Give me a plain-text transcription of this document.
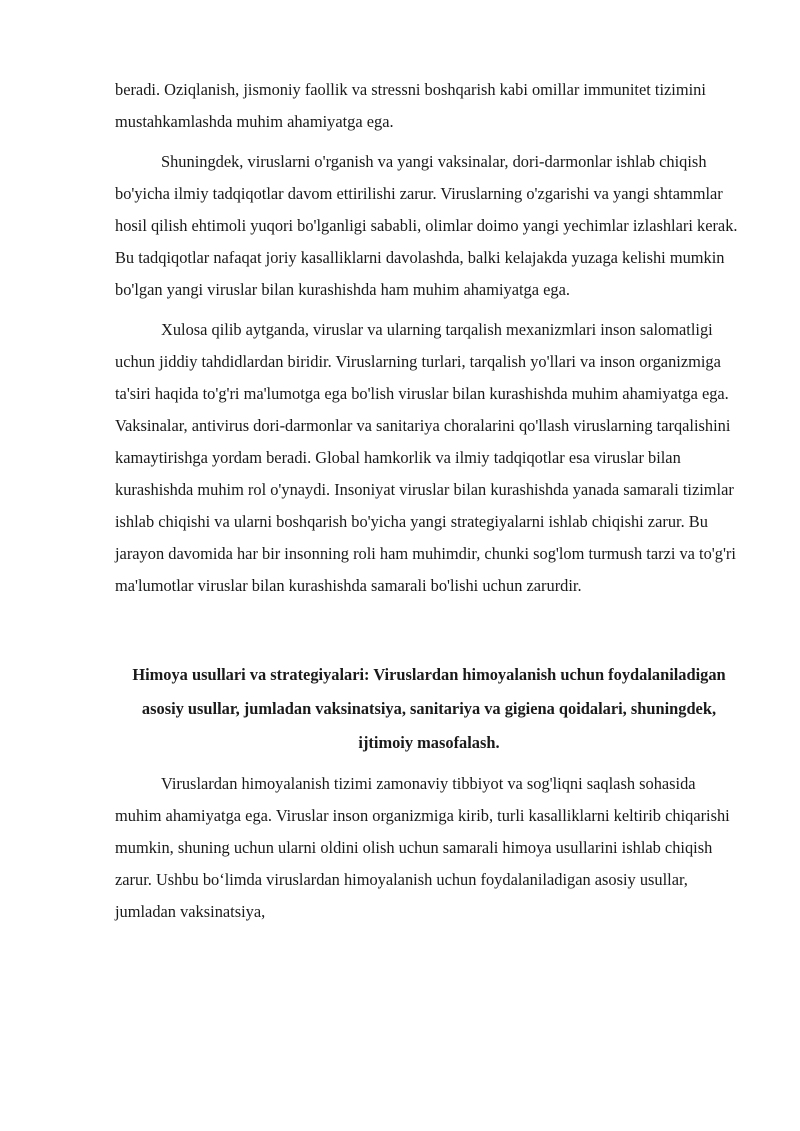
beradi. Oziqlanish, jismoniy faollik va stressni boshqarish kabi omillar immunitet tizimini mustahkamlashda muhim ahamiyatga ega.

Shuningdek, viruslarni o'rganish va yangi vaksinalar, dori-darmonlar ishlab chiqish bo'yicha ilmiy tadqiqotlar davom ettirilishi zarur. Viruslarning o'zgarishi va yangi shtammlar hosil qilish ehtimoli yuqori bo'lganligi sababli, olimlar doimo yangi yechimlar izlashlari kerak. Bu tadqiqotlar nafaqat joriy kasalliklarni davolashda, balki kelajakda yuzaga kelishi mumkin bo'lgan yangi viruslar bilan kurashishda ham muhim ahamiyatga ega.

Xulosa qilib aytganda, viruslar va ularning tarqalish mexanizmlari inson salomatligi uchun jiddiy tahdidlardan biridir. Viruslarning turlari, tarqalish yo'llari va inson organizmiga ta'siri haqida to'g'ri ma'lumotga ega bo'lish viruslar bilan kurashishda muhim ahamiyatga ega. Vaksinalar, antivirus dori-darmonlar va sanitariya choralarini qo'llash viruslarning tarqalishini kamaytirishga yordam beradi. Global hamkorlik va ilmiy tadqiqotlar esa viruslar bilan kurashishda muhim rol o'ynaydi. Insoniyat viruslar bilan kurashishda yanada samarali tizimlar ishlab chiqishi va ularni boshqarish bo'yicha yangi strategiyalarni ishlab chiqishi zarur. Bu jarayon davomida har bir insonning roli ham muhimdir, chunki sog'lom turmush tarzi va to'g'ri ma'lumotlar viruslar bilan kurashishda samarali bo'lishi uchun zarurdir.

Himoya usullari va strategiyalari: Viruslardan himoyalanish uchun foydalaniladigan asosiy usullar, jumladan vaksinatsiya, sanitariya va gigiena qoidalari, shuningdek, ijtimoiy masofalash.

Viruslardan himoyalanish tizimi zamonaviy tibbiyot va sog'liqni saqlash sohasida muhim ahamiyatga ega. Viruslar inson organizmiga kirib, turli kasalliklarni keltirib chiqarishi mumkin, shuning uchun ularni oldini olish uchun samarali himoya usullarini ishlab chiqish zarur. Ushbu bo‘limda viruslardan himoyalanish uchun foydalaniladigan asosiy usullar, jumladan vaksinatsiya,
